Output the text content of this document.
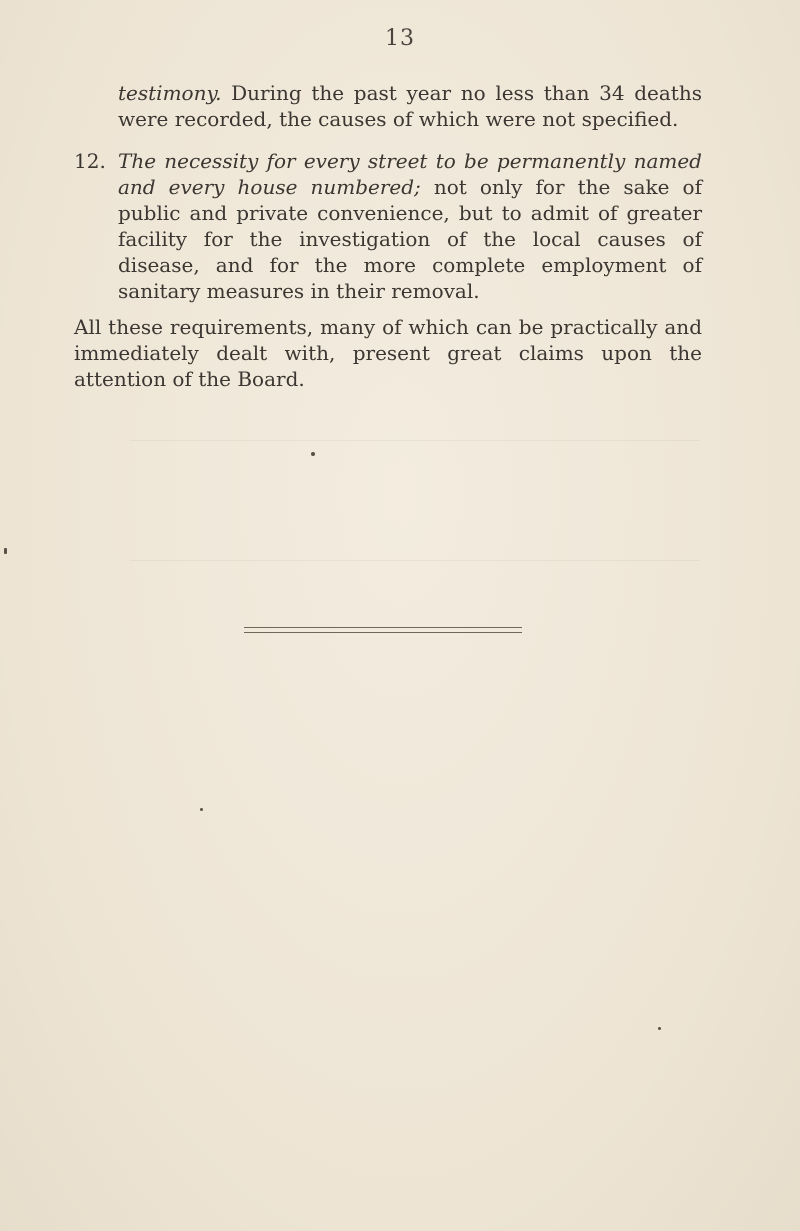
13
testimony. During the past year no less than 34 deaths were recorded, the causes of which were not specified.
12. The necessity for every street to be permanently named and every house numbered; not only for the sake of public and private convenience, but to admit of greater facility for the investigation of the local causes of disease, and for the more complete employment of sanitary measures in their removal.
All these requirements, many of which can be practically and immediately dealt with, present great claims upon the attention of the Board.
